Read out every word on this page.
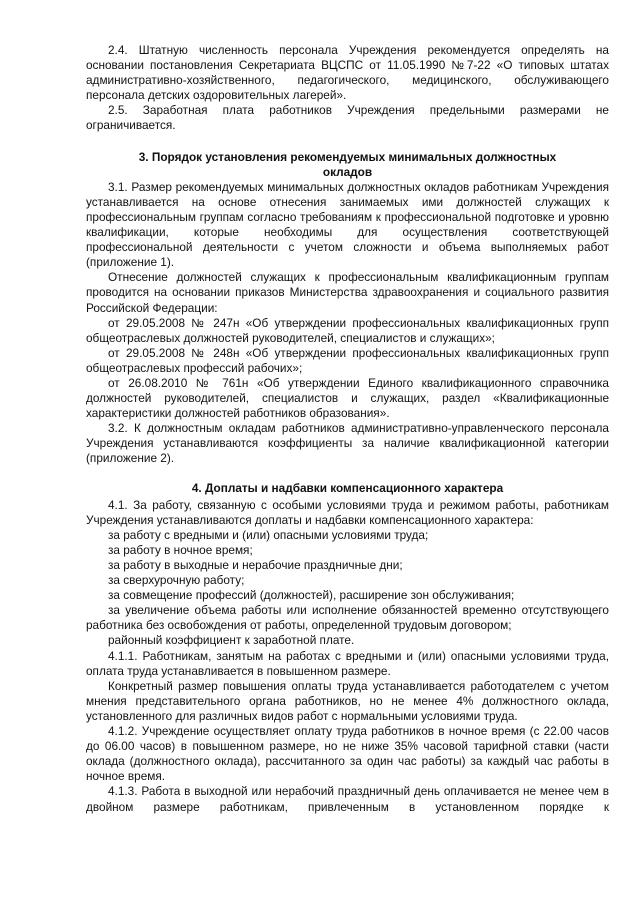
2.4. Штатную численность персонала Учреждения рекомендуется определять на основании постановления Секретариата ВЦСПС от 11.05.1990 №7-22 «О типовых штатах административно-хозяйственного, педагогического, медицинского, обслуживающего персонала детских оздоровительных лагерей».

2.5. Заработная плата работников Учреждения предельными размерами не ограничивается.

3. Порядок установления рекомендуемых минимальных должностных окладов

3.1. Размер рекомендуемых минимальных должностных окладов работникам Учреждения устанавливается на основе отнесения занимаемых ими должностей служащих к профессиональным группам согласно требованиям к профессиональной подготовке и уровню квалификации, которые необходимы для осуществления соответствующей профессиональной деятельности с учетом сложности и объема выполняемых работ (приложение 1).

Отнесение должностей служащих к профессиональным квалификационным группам проводится на основании приказов Министерства здравоохранения и социального развития Российской Федерации:

от 29.05.2008 № 247н «Об утверждении профессиональных квалификационных групп общеотраслевых должностей руководителей, специалистов и служащих»;

от 29.05.2008 № 248н «Об утверждении профессиональных квалификационных групп общеотраслевых профессий рабочих»;

от 26.08.2010 № 761н «Об утверждении Единого квалификационного справочника должностей руководителей, специалистов и служащих, раздел «Квалификационные характеристики должностей работников образования».

3.2. К должностным окладам работников административно-управленческого персонала Учреждения устанавливаются коэффициенты за наличие квалификационной категории (приложение 2).

4. Доплаты и надбавки компенсационного характера

4.1. За работу, связанную с особыми условиями труда и режимом работы, работникам Учреждения устанавливаются доплаты и надбавки компенсационного характера:

за работу с вредными и (или) опасными условиями труда;

за работу в ночное время;

за работу в выходные и нерабочие праздничные дни;

за сверхурочную работу;

за совмещение профессий (должностей), расширение зон обслуживания;

за увеличение объема работы или исполнение обязанностей временно отсутствующего работника без освобождения от работы, определенной трудовым договором;

районный коэффициент к заработной плате.

4.1.1. Работникам, занятым на работах с вредными и (или) опасными условиями труда, оплата труда устанавливается в повышенном размере.

Конкретный размер повышения оплаты труда устанавливается работодателем с учетом мнения представительного органа работников, но не менее 4% должностного оклада, установленного для различных видов работ с нормальными условиями труда.

4.1.2. Учреждение осуществляет оплату труда работников в ночное время (с 22.00 часов до 06.00 часов) в повышенном размере, но не ниже 35% часовой тарифной ставки (части оклада (должностного оклада), рассчитанного за один час работы) за каждый час работы в ночное время.

4.1.3. Работа в выходной или нерабочий праздничный день оплачивается не менее чем в двойном размере работникам, привлеченным в установленном порядке к
